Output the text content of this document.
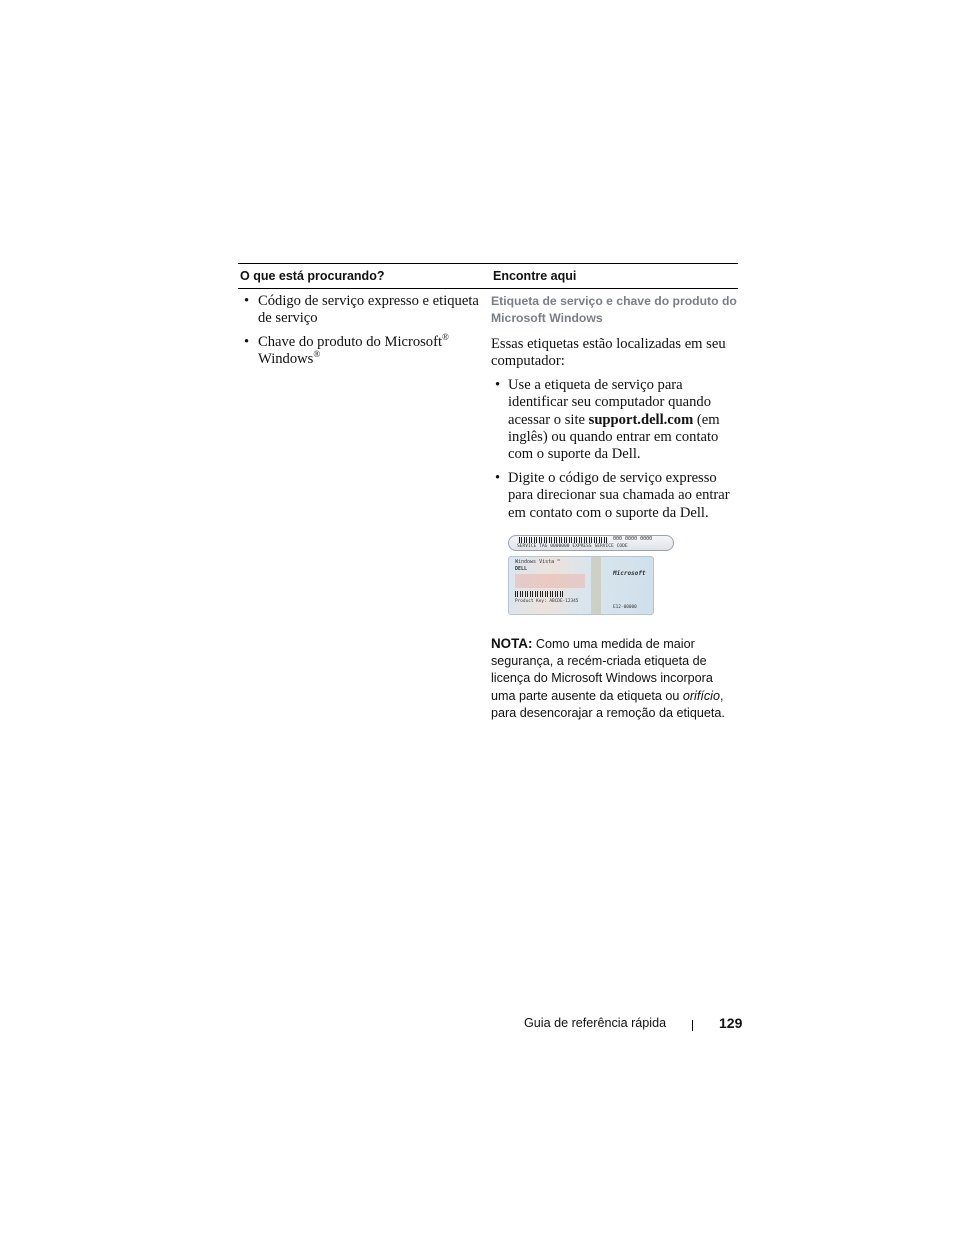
O que está procurando?	Encontre aqui
• Código de serviço expresso e etiqueta de serviço
• Chave do produto do Microsoft® Windows®
Etiqueta de serviço e chave do produto do Microsoft Windows
Essas etiquetas estão localizadas em seu computador:
• Use a etiqueta de serviço para identificar seu computador quando acessar o site support.dell.com (em inglês) ou quando entrar em contato com o suporte da Dell.
• Digite o código de serviço expresso para direcionar sua chamada ao entrar em contato com o suporte da Dell.
000 0000 0000
SERVICE TAG 0000000 EXPRESS SERVICE CODE
Windows Vista ™
DELL
Microsoft
Product Key: ABCDE-12345
E12-00000
NOTA: Como uma medida de maior segurança, a recém-criada etiqueta de licença do Microsoft Windows incorpora uma parte ausente da etiqueta ou orifício, para desencorajar a remoção da etiqueta.
Guia de referência rápida	129
